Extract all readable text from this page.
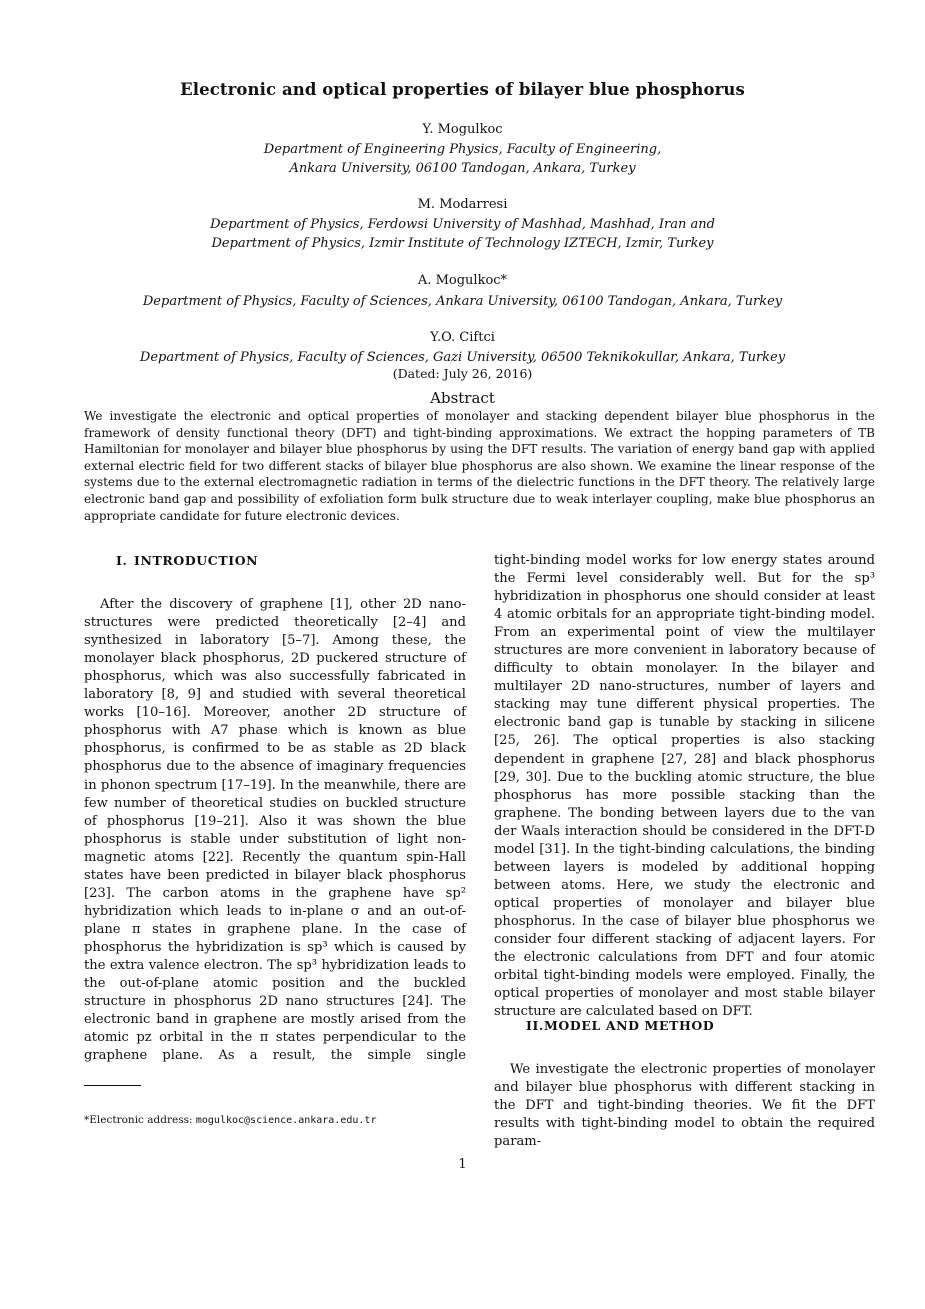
Electronic and optical properties of bilayer blue phosphorus
Y. Mogulkoc
Department of Engineering Physics, Faculty of Engineering,
Ankara University, 06100 Tandogan, Ankara, Turkey
M. Modarresi
Department of Physics, Ferdowsi University of Mashhad, Mashhad, Iran and
Department of Physics, Izmir Institute of Technology IZTECH, Izmir, Turkey
A. Mogulkoc*
Department of Physics, Faculty of Sciences, Ankara University, 06100 Tandogan, Ankara, Turkey
Y.O. Ciftci
Department of Physics, Faculty of Sciences, Gazi University, 06500 Teknikokullar, Ankara, Turkey
(Dated: July 26, 2016)
Abstract

We investigate the electronic and optical properties of monolayer and stacking dependent bilayer blue phosphorus in the framework of density functional theory (DFT) and tight-binding approximations. We extract the hopping parameters of TB Hamiltonian for monolayer and bilayer blue phosphorus by using the DFT results. The variation of energy band gap with applied external electric field for two different stacks of bilayer blue phosphorus are also shown. We examine the linear response of the systems due to the external electromagnetic radiation in terms of the dielectric functions in the DFT theory. The relatively large electronic band gap and possibility of exfoliation form bulk structure due to weak interlayer coupling, make blue phosphorus an appropriate candidate for future electronic devices.

I. INTRODUCTION

After the discovery of graphene [1], other 2D nano-structures were predicted theoretically [2–4] and synthesized in laboratory [5–7]. Among these, the monolayer black phosphorus, 2D puckered structure of phosphorus, which was also successfully fabricated in laboratory [8, 9] and studied with several theoretical works [10–16]. Moreover, another 2D structure of phosphorus with A7 phase which is known as blue phosphorus, is confirmed to be as stable as 2D black phosphorus due to the absence of imaginary frequencies in phonon spectrum [17–19]. In the meanwhile, there are few number of theoretical studies on buckled structure of phosphorus [19–21]. Also it was shown the blue phosphorus is stable under substitution of light non-magnetic atoms [22]. Recently the quantum spin-Hall states have been predicted in bilayer black phosphorus [23]. The carbon atoms in the graphene have sp² hybridization which leads to in-plane σ and an out-of-plane π states in graphene plane. In the case of phosphorus the hybridization is sp³ which is caused by the extra valence electron. The sp³ hybridization leads to the out-of-plane atomic position and the buckled structure in phosphorus 2D nano structures [24]. The electronic band in graphene are mostly arised from the atomic pz orbital in the π states perpendicular to the graphene plane. As a result, the simple single

II.MODEL AND METHOD

We investigate the electronic properties of monolayer and bilayer blue phosphorus with different stacking in the DFT and tight-binding theories. We fit the DFT results with tight-binding model to obtain the required param-

*Electronic address: mogulkoc@science.ankara.edu.tr
1

tight-binding model works for low energy states around the Fermi level considerably well. But for the sp³ hybridization in phosphorus one should consider at least 4 atomic orbitals for an appropriate tight-binding model. From an experimental point of view the multilayer structures are more convenient in laboratory because of difficulty to obtain monolayer. In the bilayer and multilayer 2D nano-structures, number of layers and stacking may tune different physical properties. The electronic band gap is tunable by stacking in silicene [25, 26]. The optical properties is also stacking dependent in graphene [27, 28] and black phosphorus [29, 30]. Due to the buckling atomic structure, the blue phosphorus has more possible stacking than the graphene. The bonding between layers due to the van der Waals interaction should be considered in the DFT-D model [31]. In the tight-binding calculations, the binding between layers is modeled by additional hopping between atoms. Here, we study the electronic and optical properties of monolayer and bilayer blue phosphorus. In the case of bilayer blue phosphorus we consider four different stacking of adjacent layers. For the electronic calculations from DFT and four atomic orbital tight-binding models were employed. Finally, the optical properties of monolayer and most stable bilayer structure are calculated based on DFT.
